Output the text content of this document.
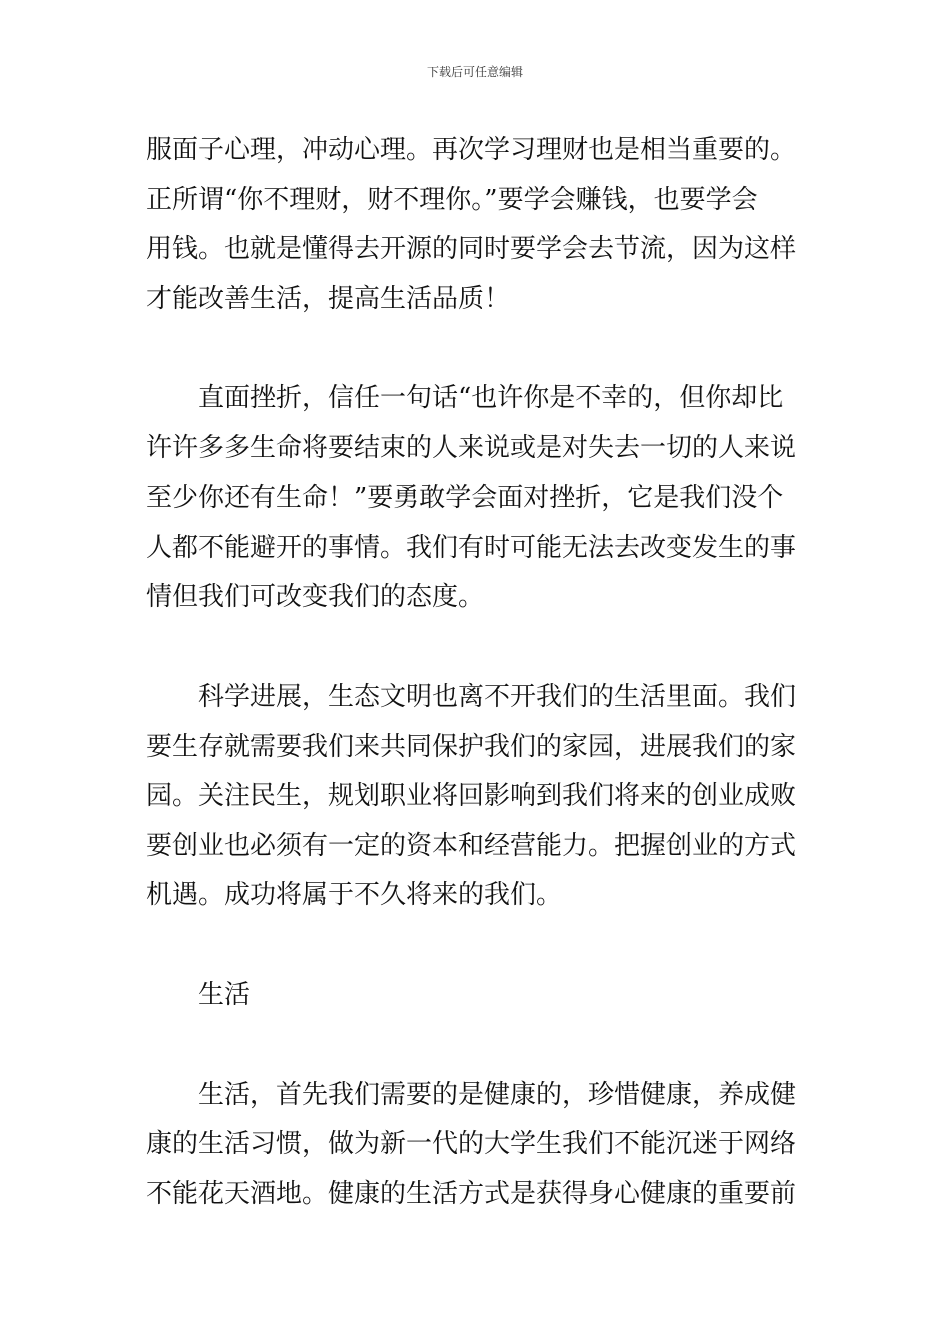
下载后可任意编辑
服面子心理，冲动心理。再次学习理财也是相当重要的。
正所谓“你不理财，财不理你。”要学会赚钱，也要学会
用钱。也就是懂得去开源的同时要学会去节流，因为这样
才能改善生活，提高生活品质！
直面挫折，信任一句话“也许你是不幸的，但你却比
许许多多生命将要结束的人来说或是对失去一切的人来说
至少你还有生命！”要勇敢学会面对挫折，它是我们没个
人都不能避开的事情。我们有时可能无法去改变发生的事
情但我们可改变我们的态度。
科学进展，生态文明也离不开我们的生活里面。我们
要生存就需要我们来共同保护我们的家园，进展我们的家
园。关注民生，规划职业将回影响到我们将来的创业成败
要创业也必须有一定的资本和经营能力。把握创业的方式
机遇。成功将属于不久将来的我们。
生活
生活，首先我们需要的是健康的，珍惜健康，养成健
康的生活习惯，做为新一代的大学生我们不能沉迷于网络
不能花天酒地。健康的生活方式是获得身心健康的重要前
